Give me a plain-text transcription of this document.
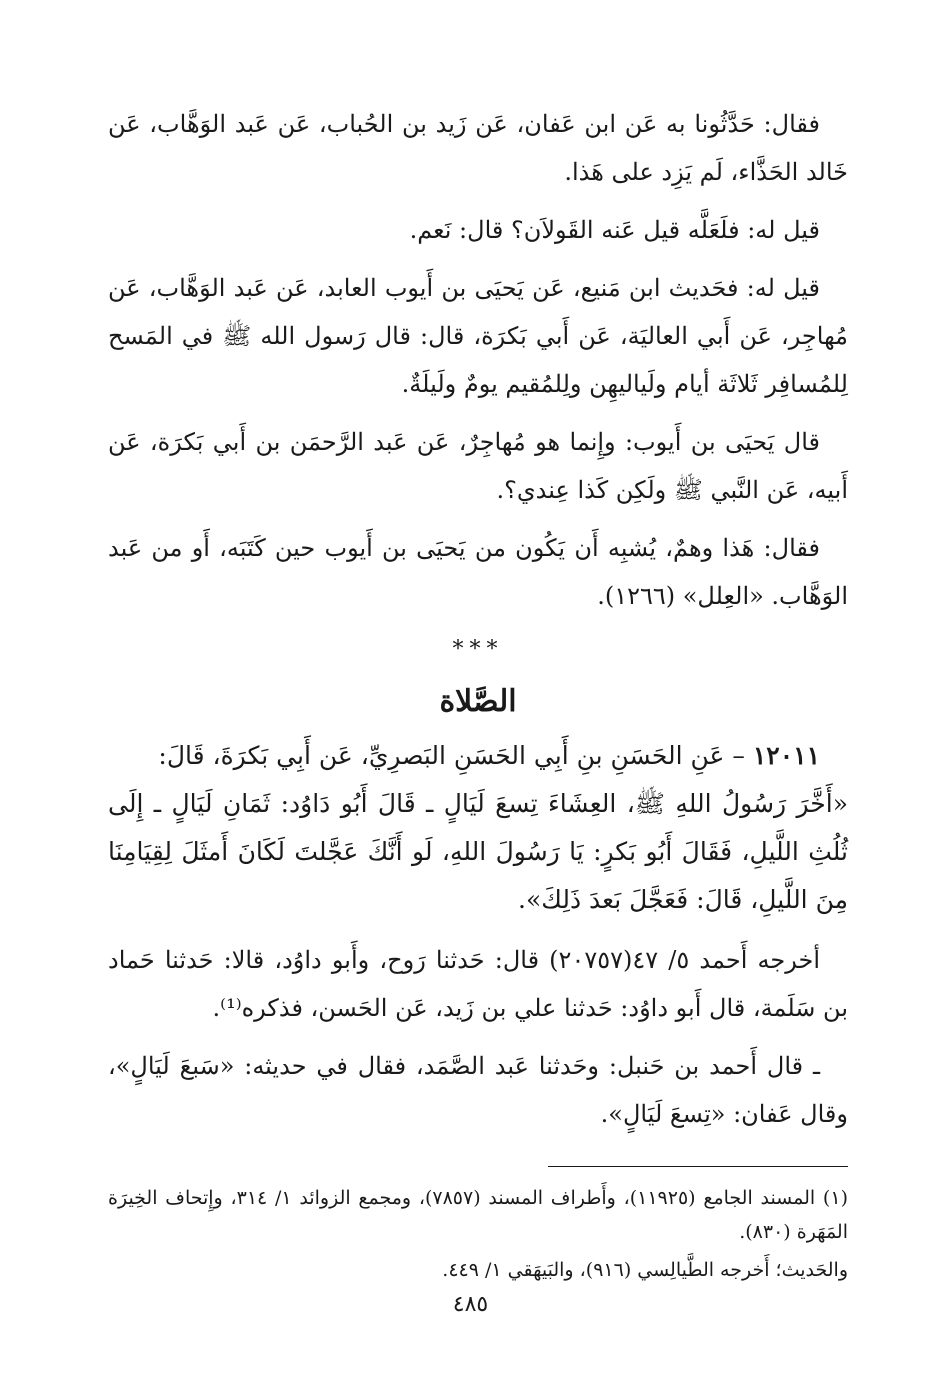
فقال: حَدَّثُونا به عَن ابن عَفان، عَن زَيد بن الحُباب، عَن عَبد الوَهَّاب، عَن خَالد الحَذَّاء، لَم يَزِد على هَذا.

قيل له: فلَعَلَّه قيل عَنه القَولاَن؟ قال: نَعم.

قيل له: فحَديث ابن مَنيع، عَن يَحيَى بن أَيوب العابد، عَن عَبد الوَهَّاب، عَن مُهاجِر، عَن أَبي العاليَة، عَن أَبي بَكرَة، قال: قال رَسول الله ﷺ في المَسح لِلمُسافِر ثَلاثَة أيام ولَياليهِن ولِلمُقيم يومٌ ولَيلَةٌ.

قال يَحيَى بن أَيوب: وإِنما هو مُهاجِرٌ، عَن عَبد الرَّحمَن بن أَبي بَكرَة، عَن أَبيه، عَن النَّبي ﷺ ولَكِن كَذا عِندي؟.

فقال: هَذا وهمٌ، يُشبِه أَن يَكُون من يَحيَى بن أَيوب حين كَتَبَه، أَو من عَبد الوَهَّاب. «العِلل» (١٢٦٦).

***
الصَّلاة
١٢٠١١ – عَنِ الحَسَنِ بنِ أَبِي الحَسَنِ البَصرِيِّ، عَن أَبِي بَكرَةَ، قَالَ:
«أَخَّرَ رَسُولُ اللهِ ﷺ، العِشَاءَ تِسعَ لَيَالٍ ـ قَالَ أَبُو دَاوُد: ثَمَانِ لَيَالٍ ـ إِلَى ثُلُثِ اللَّيلِ، فَقَالَ أَبُو بَكرٍ: يَا رَسُولَ اللهِ، لَو أَنَّكَ عَجَّلتَ لَكَانَ أَمثَلَ لِقِيَامِنَا مِنَ اللَّيلِ، قَالَ: فَعَجَّلَ بَعدَ ذَلِكَ».

أخرجه أَحمد ٥/ ٤٧(٢٠٧٥٧) قال: حَدثنا رَوح، وأَبو داوُد، قالا: حَدثنا حَماد بن سَلَمة، قال أَبو داوُد: حَدثنا علي بن زَيد، عَن الحَسن، فذكره⁽¹⁾.

ـ قال أَحمد بن حَنبل: وحَدثنا عَبد الصَّمَد، فقال في حديثه: «سَبعَ لَيَالٍ»، وقال عَفان: «تِسعَ لَيَالٍ».

(١) المسند الجامع (١١٩٢٥)، وأَطراف المسند (٧٨٥٧)، ومجمع الزوائد ١/ ٣١٤، وإِتحاف الخِيرَة المَهَرة (٨٣٠).

والحَديث؛ أَخرجه الطَّيالِسي (٩١٦)، والبَيهَقي ١/ ٤٤٩.

٤٨٥
